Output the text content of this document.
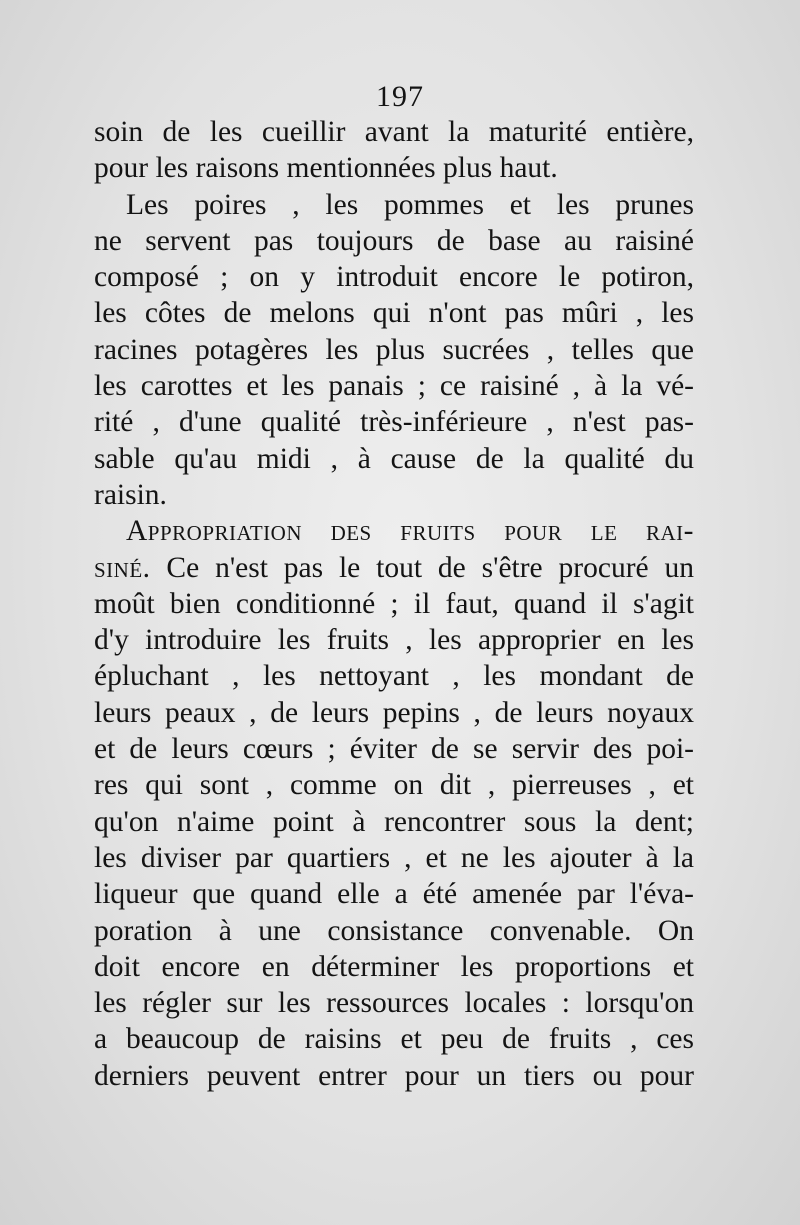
197
soin de les cueillir avant la maturité entière,
pour les raisons mentionnées plus haut.
Les poires , les pommes et les prunes
ne servent pas toujours de base au raisiné
composé ; on y introduit encore le potiron,
les côtes de melons qui n'ont pas mûri , les
racines potagères les plus sucrées , telles que
les carottes et les panais ; ce raisiné , à la vé-
rité , d'une qualité très-inférieure , n'est pas-
sable qu'au midi , à cause de la qualité du
raisin.
Appropriation des fruits pour le rai-
siné. Ce n'est pas le tout de s'être procuré un
moût bien conditionné ; il faut, quand il s'agit
d'y introduire les fruits , les approprier en les
épluchant , les nettoyant , les mondant de
leurs peaux , de leurs pepins , de leurs noyaux
et de leurs cœurs ; éviter de se servir des poi-
res qui sont , comme on dit , pierreuses , et
qu'on n'aime point à rencontrer sous la dent;
les diviser par quartiers , et ne les ajouter à la
liqueur que quand elle a été amenée par l'éva-
poration à une consistance convenable. On
doit encore en déterminer les proportions et
les régler sur les ressources locales : lorsqu'on
a beaucoup de raisins et peu de fruits , ces
derniers peuvent entrer pour un tiers ou pour
